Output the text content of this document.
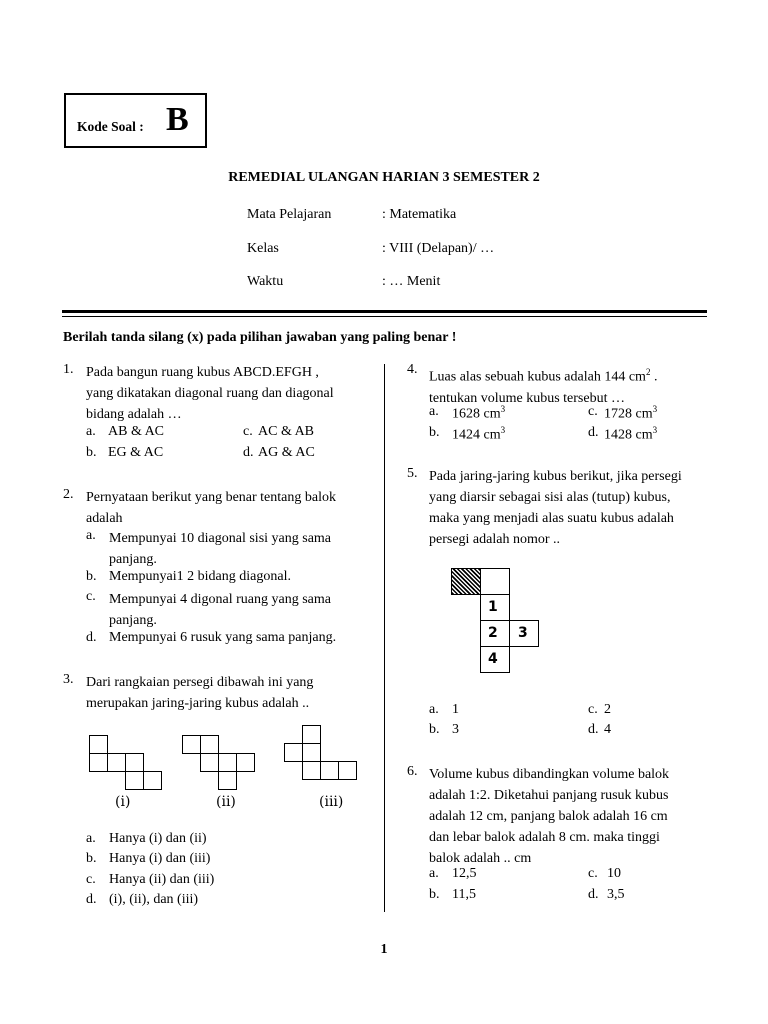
Kode Soal : B
REMEDIAL ULANGAN HARIAN 3 SEMESTER 2
Mata Pelajaran	: Matematika
Kelas	: VIII (Delapan)/ …
Waktu	: … Menit
Berilah tanda silang (x) pada pilihan jawaban yang paling benar !
1. Pada bangun ruang kubus ABCD.EFGH ,
yang dikatakan diagonal ruang dan diagonal
bidang adalah …
a. AB & AC	c. AC & AB
b. EG & AC	d. AG & AC
2. Pernyataan berikut yang benar tentang balok
adalah
a. Mempunyai 10 diagonal sisi yang sama
panjang.
b. Mempunyai1 2 bidang diagonal.
c. Mempunyai 4 digonal ruang yang sama
panjang.
d. Mempunyai 6 rusuk yang sama panjang.
3. Dari rangkaian persegi dibawah ini yang
merupakan jaring-jaring kubus adalah ..
(i)	(ii)	(iii)
a. Hanya (i) dan (ii)
b. Hanya (i) dan (iii)
c. Hanya (ii) dan (iii)
d. (i), (ii), dan (iii)
4.
Luas alas sebuah kubus adalah 144 $cm^2$ .
tentukan volume kubus tersebut …
a. 1628 $cm^3$	c. 1728 $cm^3$
b. 1424 $cm^3$	d. 1428 $cm^3$
5. Pada jaring-jaring kubus berikut, jika persegi
yang diarsir sebagai sisi alas (tutup) kubus,
maka yang menjadi alas suatu kubus adalah
persegi adalah nomor ..
1
2 3
4
a. 1	c. 2
b. 3	d. 4
6. Volume kubus dibandingkan volume balok
adalah 1:2. Diketahui panjang rusuk kubus
adalah 12 cm, panjang balok adalah 16 cm
dan lebar balok adalah 8 cm. maka tinggi
balok adalah .. cm
a. 12,5	c. 10
b. 11,5	d. 3,5
1
